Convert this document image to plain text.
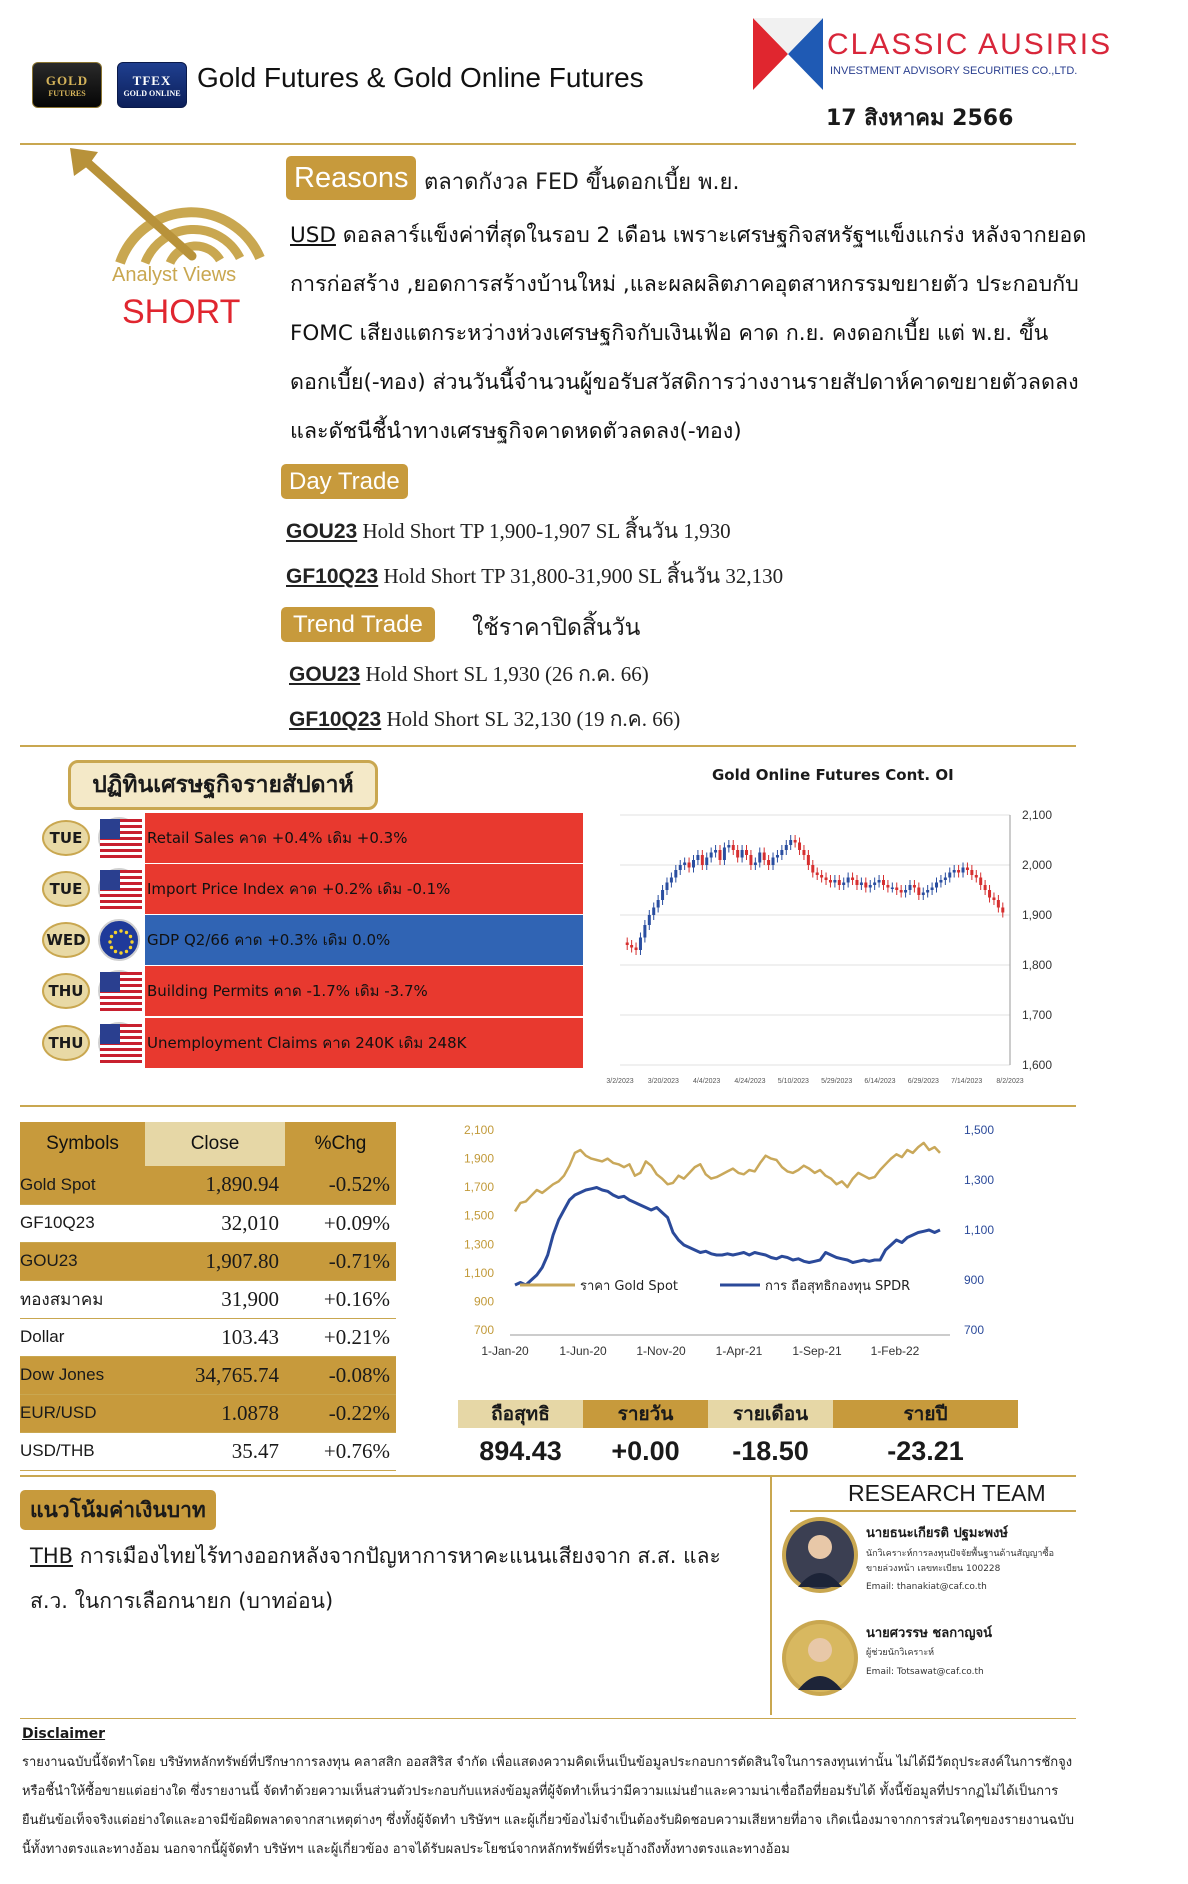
GOLD
FUTURES
TFEX
GOLD ONLINE Gold Futures & Gold Online Futures
CLASSIC AUSIRIS
INVESTMENT ADVISORY SECURITIES CO.,LTD.
17 สิงหาคม 2566
Analyst Views
SHORT
Reasons ตลาดกังวล FED ขึ้นดอกเบี้ย พ.ย.
USD ดอลลาร์แข็งค่าที่สุดในรอบ 2 เดือน เพราะเศรษฐกิจสหรัฐฯแข็งแกร่ง หลังจากยอด
การก่อสร้าง ,ยอดการสร้างบ้านใหม่ ,และผลผลิตภาคอุตสาหกรรมขยายตัว ประกอบกับ
FOMC เสียงแตกระหว่างห่วงเศรษฐกิจกับเงินเฟ้อ คาด ก.ย. คงดอกเบี้ย แต่ พ.ย. ขึ้น
ดอกเบี้ย(-ทอง) ส่วนวันนี้จำนวนผู้ขอรับสวัสดิการว่างงานรายสัปดาห์คาดขยายตัวลดลง
และดัชนีชี้นำทางเศรษฐกิจคาดหดตัวลดลง(-ทอง)
Day Trade
GOU23 Hold Short TP 1,900-1,907 SL สิ้นวัน 1,930
GF10Q23 Hold Short TP 31,800-31,900 SL สิ้นวัน 32,130
Trend Trade	ใช้ราคาปิดสิ้นวัน
GOU23 Hold Short SL 1,930 (26 ก.ค. 66)
GF10Q23 Hold Short SL 32,130 (19 ก.ค. 66)
ปฏิทินเศรษฐกิจรายสัปดาห์
TUE	Retail Sales คาด +0.4% เดิม +0.3%
TUE	Import Price Index คาด +0.2% เดิม -0.1%
WED	GDP Q2/66 คาด +0.3% เดิม 0.0%
THU	Building Permits คาด -1.7% เดิม -3.7%
THU	Unemployment Claims คาด 240K เดิม 248K
Gold Online Futures Cont. OI
2,100
2,000
1,900
1,800
1,700
1,600
3/2/2023 3/20/2023 4/4/2023 4/24/2023 5/10/2023 5/29/2023 6/14/2023 6/29/2023 7/14/2023 8/2/2023
Symbols	Close	%Chg
Gold Spot	1,890.94	-0.52%
GF10Q23	32,010	+0.09%
GOU23	1,907.80	-0.71%
ทองสมาคม	31,900	+0.16%
Dollar	103.43	+0.21%
Dow Jones	34,765.74	-0.08%
EUR/USD	1.0878	-0.22%
USD/THB	35.47	+0.76%
2,100
1,900
1,700
1,500
1,300
1,100
900
700
1,500
1,300
1,100
900
700
ราคา Gold Spot	การ ถือสุทธิกองทุน SPDR
1-Jan-20	1-Jun-20 1-Nov-20 1-Apr-21 1-Sep-21 1-Feb-22
ถือสุทธิ	รายวัน	รายเดือน	รายปี
894.43	+0.00	-18.50	-23.21
แนวโน้มค่าเงินบาท
THB การเมืองไทยไร้ทางออกหลังจากปัญหาการหาคะแนนเสียงจาก ส.ส. และ
ส.ว. ในการเลือกนายก (บาทอ่อน)
RESEARCH TEAM
นายธนะเกียรติ ปฐมะพงษ์
นักวิเคราะห์การลงทุนปัจจัยพื้นฐานด้านสัญญาซื้อ
ขายล่วงหน้า เลขทะเบียน 100228
Email: thanakiat@caf.co.th
นายศวรรษ ชลกาญจน์
ผู้ช่วยนักวิเคราะห์
Email: Totsawat@caf.co.th
Disclaimer
รายงานฉบับนี้จัดทำโดย บริษัทหลักทรัพย์ที่ปรึกษาการลงทุน คลาสสิก ออสสิริส จำกัด เพื่อแสดงความคิดเห็นเป็นข้อมูลประกอบการตัดสินใจในการลงทุนเท่านั้น ไม่ได้มีวัตถุประสงค์ในการชักจูง หรือชี้นำให้ซื้อขายแต่อย่างใด ซึ่งรายงานนี้ จัดทำด้วยความเห็นส่วนตัวประกอบกับแหล่งข้อมูลที่ผู้จัดทำเห็นว่ามีความแม่นยำและความน่าเชื่อถือที่ยอมรับได้ ทั้งนี้ข้อมูลที่ปรากฏไม่ได้เป็นการยืนยันข้อเท็จจริงแต่อย่างใดและอาจมีข้อผิดพลาดจากสาเหตุต่างๆ ซึ่งทั้งผู้จัดทำ บริษัทฯ และผู้เกี่ยวข้องไม่จำเป็นต้องรับผิดชอบความเสียหายที่อาจ เกิดเนื่องมาจากการส่วนใดๆของรายงานฉบับนี้ทั้งทางตรงและทางอ้อม นอกจากนี้ผู้จัดทำ บริษัทฯ และผู้เกี่ยวข้อง อาจได้รับผลประโยชน์จากหลักทรัพย์ที่ระบุอ้างถึงทั้งทางตรงและทางอ้อม
